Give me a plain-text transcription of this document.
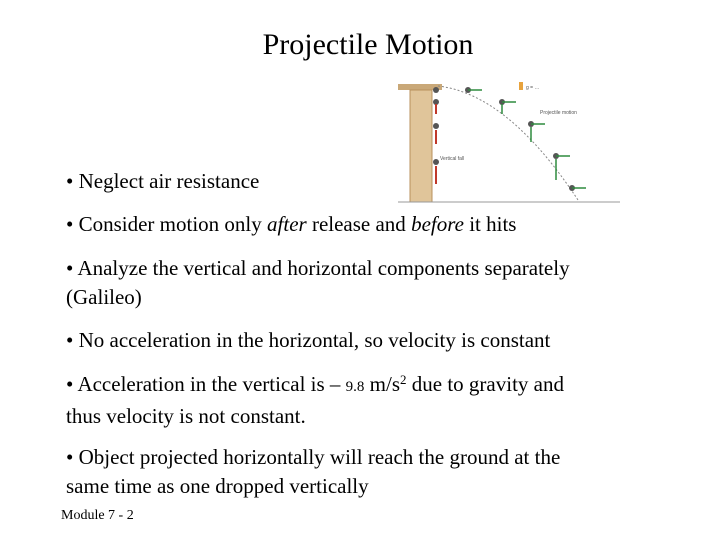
Projectile Motion
Vertical fall
g = …
Projectile motion
• Neglect air resistance
• Consider motion only after release and before it hits
• Analyze the vertical and horizontal components separately
(Galileo)
• No acceleration in the horizontal, so velocity is constant
• Acceleration in the vertical is – 9.8 $m/s^2$ due to gravity and
thus velocity is not constant.
• Object projected horizontally will reach the ground at the
same time as one dropped vertically
Module 7 - 2
